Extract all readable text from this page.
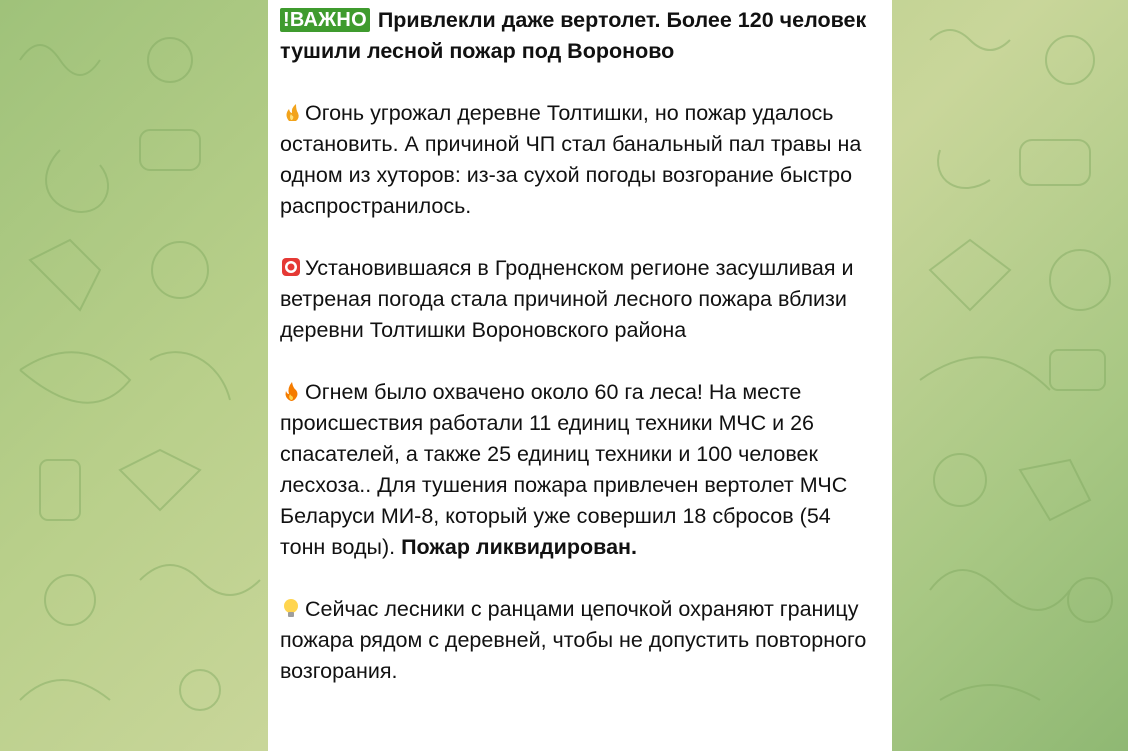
!ВАЖНО Привлекли даже вертолет. Более 120 человек тушили лесной пожар под Вороново

Огонь угрожал деревне Толтишки, но пожар удалось остановить. А причиной ЧП стал банальный пал травы на одном из хуторов: из-за сухой погоды возгорание быстро распространилось.

Установившаяся в Гродненском регионе засушливая и ветреная погода стала причиной лесного пожара вблизи деревни Толтишки Вороновского района

Огнем было охвачено около 60 га леса! На месте происшествия работали 11 единиц техники МЧС и 26 спасателей, а также 25 единиц техники и 100 человек лесхоза.. Для тушения пожара привлечен вертолет МЧС Беларуси МИ-8, который уже совершил 18 сбросов (54 тонн воды). Пожар ликвидирован.

Сейчас лесники с ранцами цепочкой охраняют границу пожара рядом с деревней, чтобы не допустить повторного возгорания.
